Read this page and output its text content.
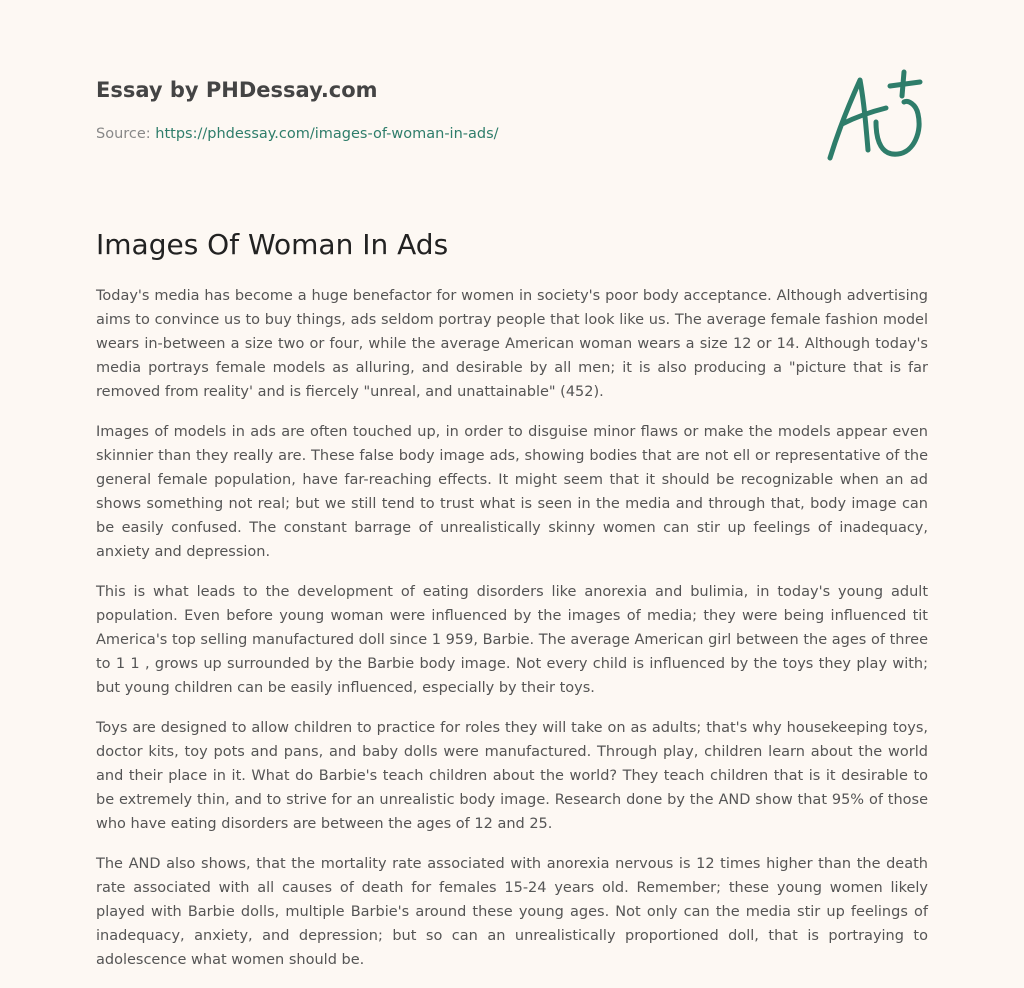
Essay by PHDessay.com
Source: https://phdessay.com/images-of-woman-in-ads/
Images Of Woman In Ads

Today's media has become a huge benefactor for women in society's poor body acceptance. Although advertising aims to convince us to buy things, ads seldom portray people that look like us. The average female fashion model wears in-between a size two or four, while the average American woman wears a size 12 or 14. Although today's media portrays female models as alluring, and desirable by all men; it is also producing a "picture that is far removed from reality' and is fiercely "unreal, and unattainable" (452).

Images of models in ads are often touched up, in order to disguise minor flaws or make the models appear even skinnier than they really are. These false body image ads, showing bodies that are not ell or representative of the general female population, have far-reaching effects. It might seem that it should be recognizable when an ad shows something not real; but we still tend to trust what is seen in the media and through that, body image can be easily confused. The constant barrage of unrealistically skinny women can stir up feelings of inadequacy, anxiety and depression.

This is what leads to the development of eating disorders like anorexia and bulimia, in today's young adult population. Even before young woman were influenced by the images of media; they were being influenced tit America's top selling manufactured doll since 1 959, Barbie. The average American girl between the ages of three to 1 1 , grows up surrounded by the Barbie body image. Not every child is influenced by the toys they play with; but young children can be easily influenced, especially by their toys.

Toys are designed to allow children to practice for roles they will take on as adults; that's why housekeeping toys, doctor kits, toy pots and pans, and baby dolls were manufactured. Through play, children learn about the world and their place in it. What do Barbie's teach children about the world? They teach children that is it desirable to be extremely thin, and to strive for an unrealistic body image. Research done by the AND show that 95% of those who have eating disorders are between the ages of 12 and 25.

The AND also shows, that the mortality rate associated with anorexia nervous is 12 times higher than the death rate associated with all causes of death for females 15-24 years old. Remember; these young women likely played with Barbie dolls, multiple Barbie's around these young ages. Not only can the media stir up feelings of inadequacy, anxiety, and depression; but so can an unrealistically proportioned doll, that is portraying to adolescence what women should be.
